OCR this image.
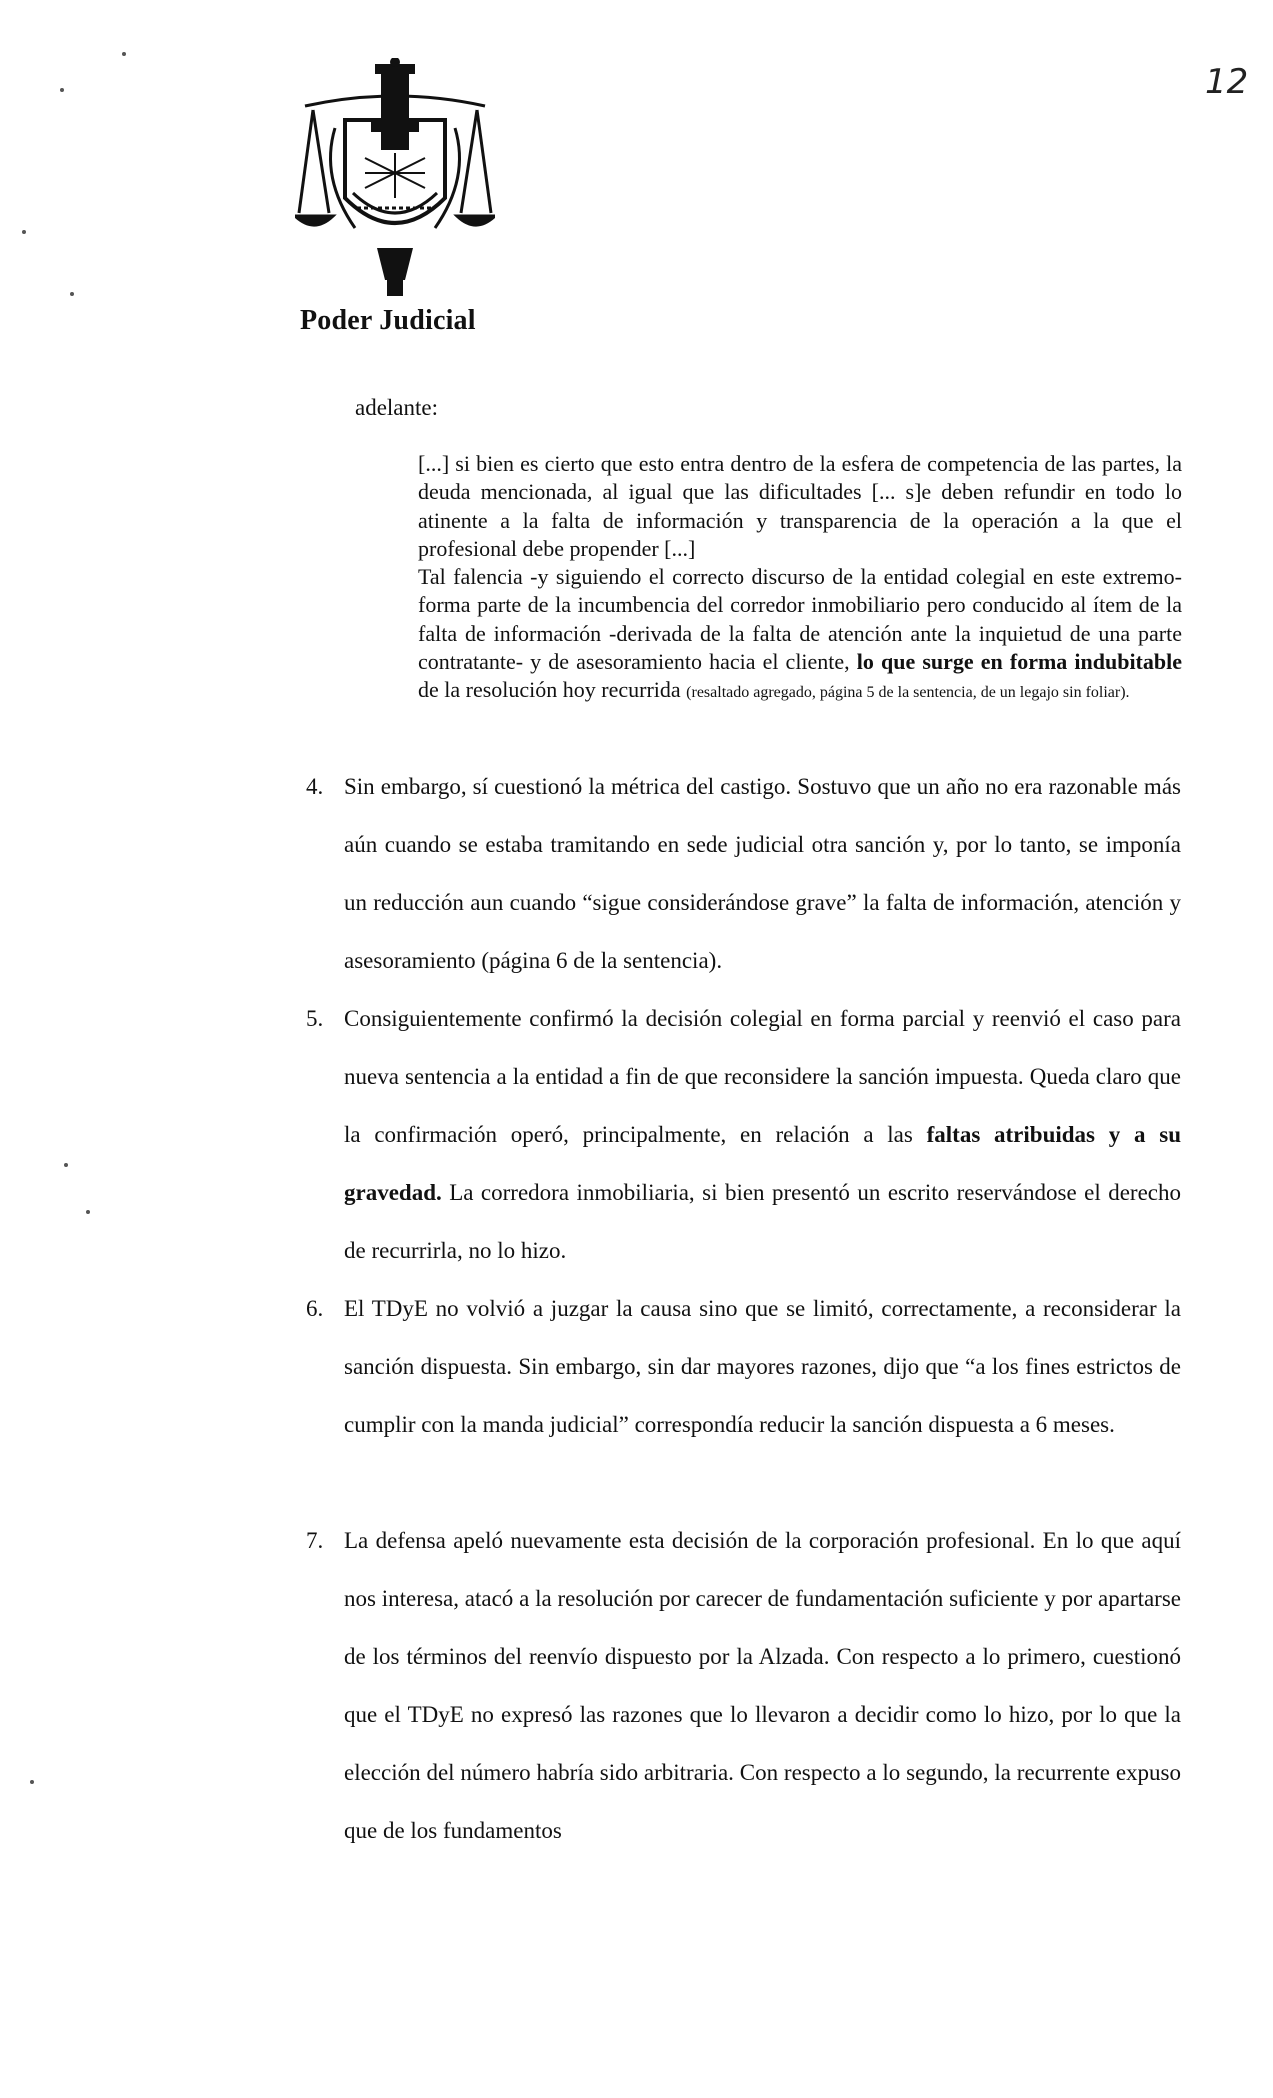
Poder Judicial
12
adelante:

[...] si bien es cierto que esto entra dentro de la esfera de competencia de las partes, la deuda mencionada, al igual que las dificultades [... s]e deben refundir en todo lo atinente a la falta de información y transparencia de la operación a la que el profesional debe propender [...]

Tal falencia -y siguiendo el correcto discurso de la entidad colegial en este extremo- forma parte de la incumbencia del corredor inmobiliario pero conducido al ítem de la falta de información -derivada de la falta de atención ante la inquietud de una parte contratante- y de asesoramiento hacia el cliente, lo que surge en forma indubitable de la resolución hoy recurrida (resaltado agregado, página 5 de la sentencia, de un legajo sin foliar).

4. Sin embargo, sí cuestionó la métrica del castigo. Sostuvo que un año no era razonable más aún cuando se estaba tramitando en sede judicial otra sanción y, por lo tanto, se imponía un reducción aun cuando “sigue considerándose grave” la falta de información, atención y asesoramiento (página 6 de la sentencia).

5. Consiguientemente confirmó la decisión colegial en forma parcial y reenvió el caso para nueva sentencia a la entidad a fin de que reconsidere la sanción impuesta. Queda claro que la confirmación operó, principalmente, en relación a las faltas atribuidas y a su gravedad. La corredora inmobiliaria, si bien presentó un escrito reservándose el derecho de recurrirla, no lo hizo.

6. El TDyE no volvió a juzgar la causa sino que se limitó, correctamente, a reconsiderar la sanción dispuesta. Sin embargo, sin dar mayores razones, dijo que “a los fines estrictos de cumplir con la manda judicial” correspondía reducir la sanción dispuesta a 6 meses.

7. La defensa apeló nuevamente esta decisión de la corporación profesional. En lo que aquí nos interesa, atacó a la resolución por carecer de fundamentación suficiente y por apartarse de los términos del reenvío dispuesto por la Alzada. Con respecto a lo primero, cuestionó que el TDyE no expresó las razones que lo llevaron a decidir como lo hizo, por lo que la elección del número habría sido arbitraria. Con respecto a lo segundo, la recurrente expuso que de los fundamentos
